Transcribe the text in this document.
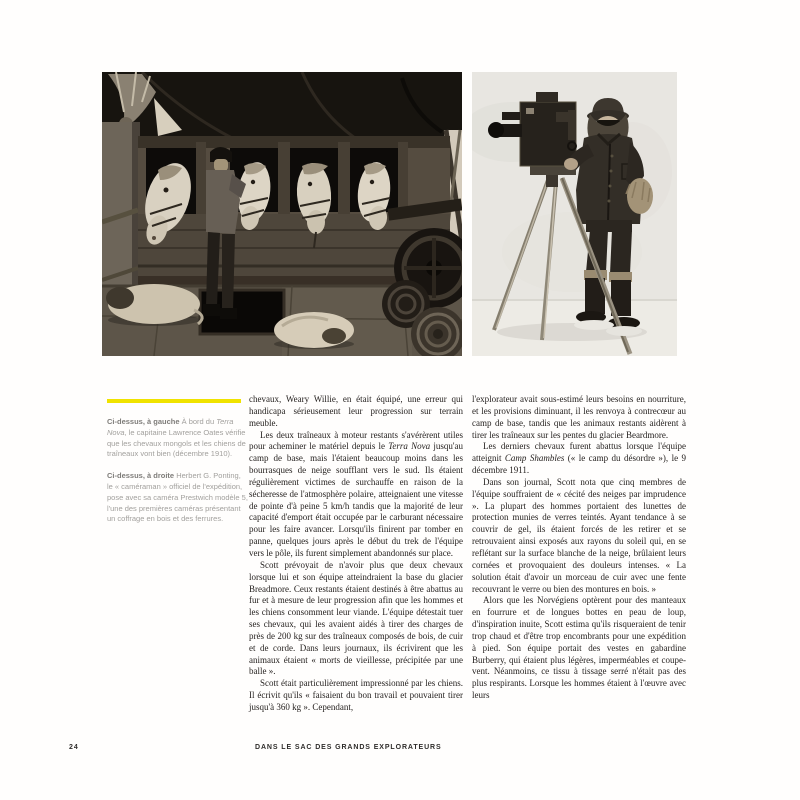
Ci-dessus, à gauche À bord du Terra Nova, le capitaine Lawrence Oates vérifie que les chevaux mongols et les chiens de traîneaux vont bien (décembre 1910).

Ci-dessus, à droite Herbert G. Ponting, le « caméraman » officiel de l'expédition, pose avec sa caméra Prestwich modèle 5, l'une des premières caméras présentant un coffrage en bois et des ferrures.

chevaux, Weary Willie, en était équipé, une erreur qui handicapa sérieusement leur progression sur terrain meuble.

Les deux traîneaux à moteur restants s'avérèrent utiles pour acheminer le matériel depuis le Terra Nova jusqu'au camp de base, mais l'étaient beaucoup moins dans les bourrasques de neige soufflant vers le sud. Ils étaient régulièrement victimes de surchauffe en raison de la sécheresse de l'atmosphère polaire, atteignaient une vitesse de pointe d'à peine 5 km/h tandis que la majorité de leur capacité d'emport était occupée par le carburant nécessaire pour les faire avancer. Lorsqu'ils finirent par tomber en panne, quelques jours après le début du trek de l'équipe vers le pôle, ils furent simplement abandonnés sur place.

Scott prévoyait de n'avoir plus que deux chevaux lorsque lui et son équipe atteindraient la base du glacier Breadmore. Ceux restants étaient destinés à être abattus au fur et à mesure de leur progression afin que les hommes et les chiens consomment leur viande. L'équipe détestait tuer ses chevaux, qui les avaient aidés à tirer des charges de près de 200 kg sur des traîneaux composés de bois, de cuir et de corde. Dans leurs journaux, ils écrivirent que les animaux étaient « morts de vieillesse, précipitée par une balle ».

Scott était particulièrement impressionné par les chiens. Il écrivit qu'ils « faisaient du bon travail et pouvaient tirer jusqu'à 360 kg ». Cependant,

l'explorateur avait sous-estimé leurs besoins en nourriture, et les provisions diminuant, il les renvoya à contrecœur au camp de base, tandis que les animaux restants aidèrent à tirer les traîneaux sur les pentes du glacier Beardmore.

Les derniers chevaux furent abattus lorsque l'équipe atteignit Camp Shambles (« le camp du désordre »), le 9 décembre 1911.

Dans son journal, Scott nota que cinq membres de l'équipe souffraient de « cécité des neiges par imprudence ». La plupart des hommes portaient des lunettes de protection munies de verres teintés. Ayant tendance à se couvrir de gel, ils étaient forcés de les retirer et se retrouvaient ainsi exposés aux rayons du soleil qui, en se reflétant sur la surface blanche de la neige, brûlaient leurs cornées et provoquaient des douleurs intenses. « La solution était d'avoir un morceau de cuir avec une fente recouvrant le verre ou bien des montures en bois. »

Alors que les Norvégiens optèrent pour des manteaux en fourrure et de longues bottes en peau de loup, d'inspiration inuite, Scott estima qu'ils risqueraient de tenir trop chaud et d'être trop encombrants pour une expédition à pied. Son équipe portait des vestes en gabardine Burberry, qui étaient plus légères, imperméables et coupe-vent. Néanmoins, ce tissu à tissage serré n'était pas des plus respirants. Lorsque les hommes étaient à l'œuvre avec leurs

24	DANS LE SAC DES GRANDS EXPLORATEURS
